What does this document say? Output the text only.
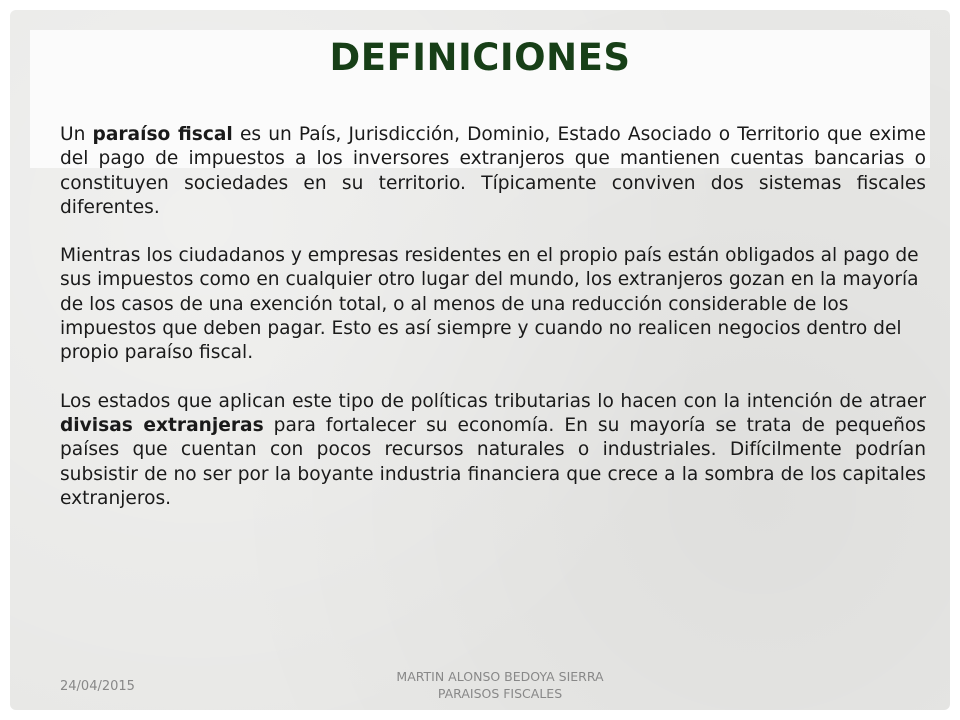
DEFINICIONES

Un paraíso fiscal es un País, Jurisdicción, Dominio, Estado Asociado o Territorio que exime del pago de impuestos a los inversores extranjeros que mantienen cuentas bancarias o constituyen sociedades en su territorio. Típicamente conviven dos sistemas fiscales diferentes.

Mientras los ciudadanos y empresas residentes en el propio país están obligados al pago de sus impuestos como en cualquier otro lugar del mundo, los extranjeros gozan en la mayoría de los casos de una exención total, o al menos de una reducción considerable de los impuestos que deben pagar. Esto es así siempre y cuando no realicen negocios dentro del propio paraíso fiscal.

Los estados que aplican este tipo de políticas tributarias lo hacen con la intención de atraer divisas extranjeras para fortalecer su economía. En su mayoría se trata de pequeños países que cuentan con pocos recursos naturales o industriales. Difícilmente podrían subsistir de no ser por la boyante industria financiera que crece a la sombra de los capitales extranjeros.

24/04/2015
MARTIN ALONSO BEDOYA SIERRA
PARAISOS FISCALES
